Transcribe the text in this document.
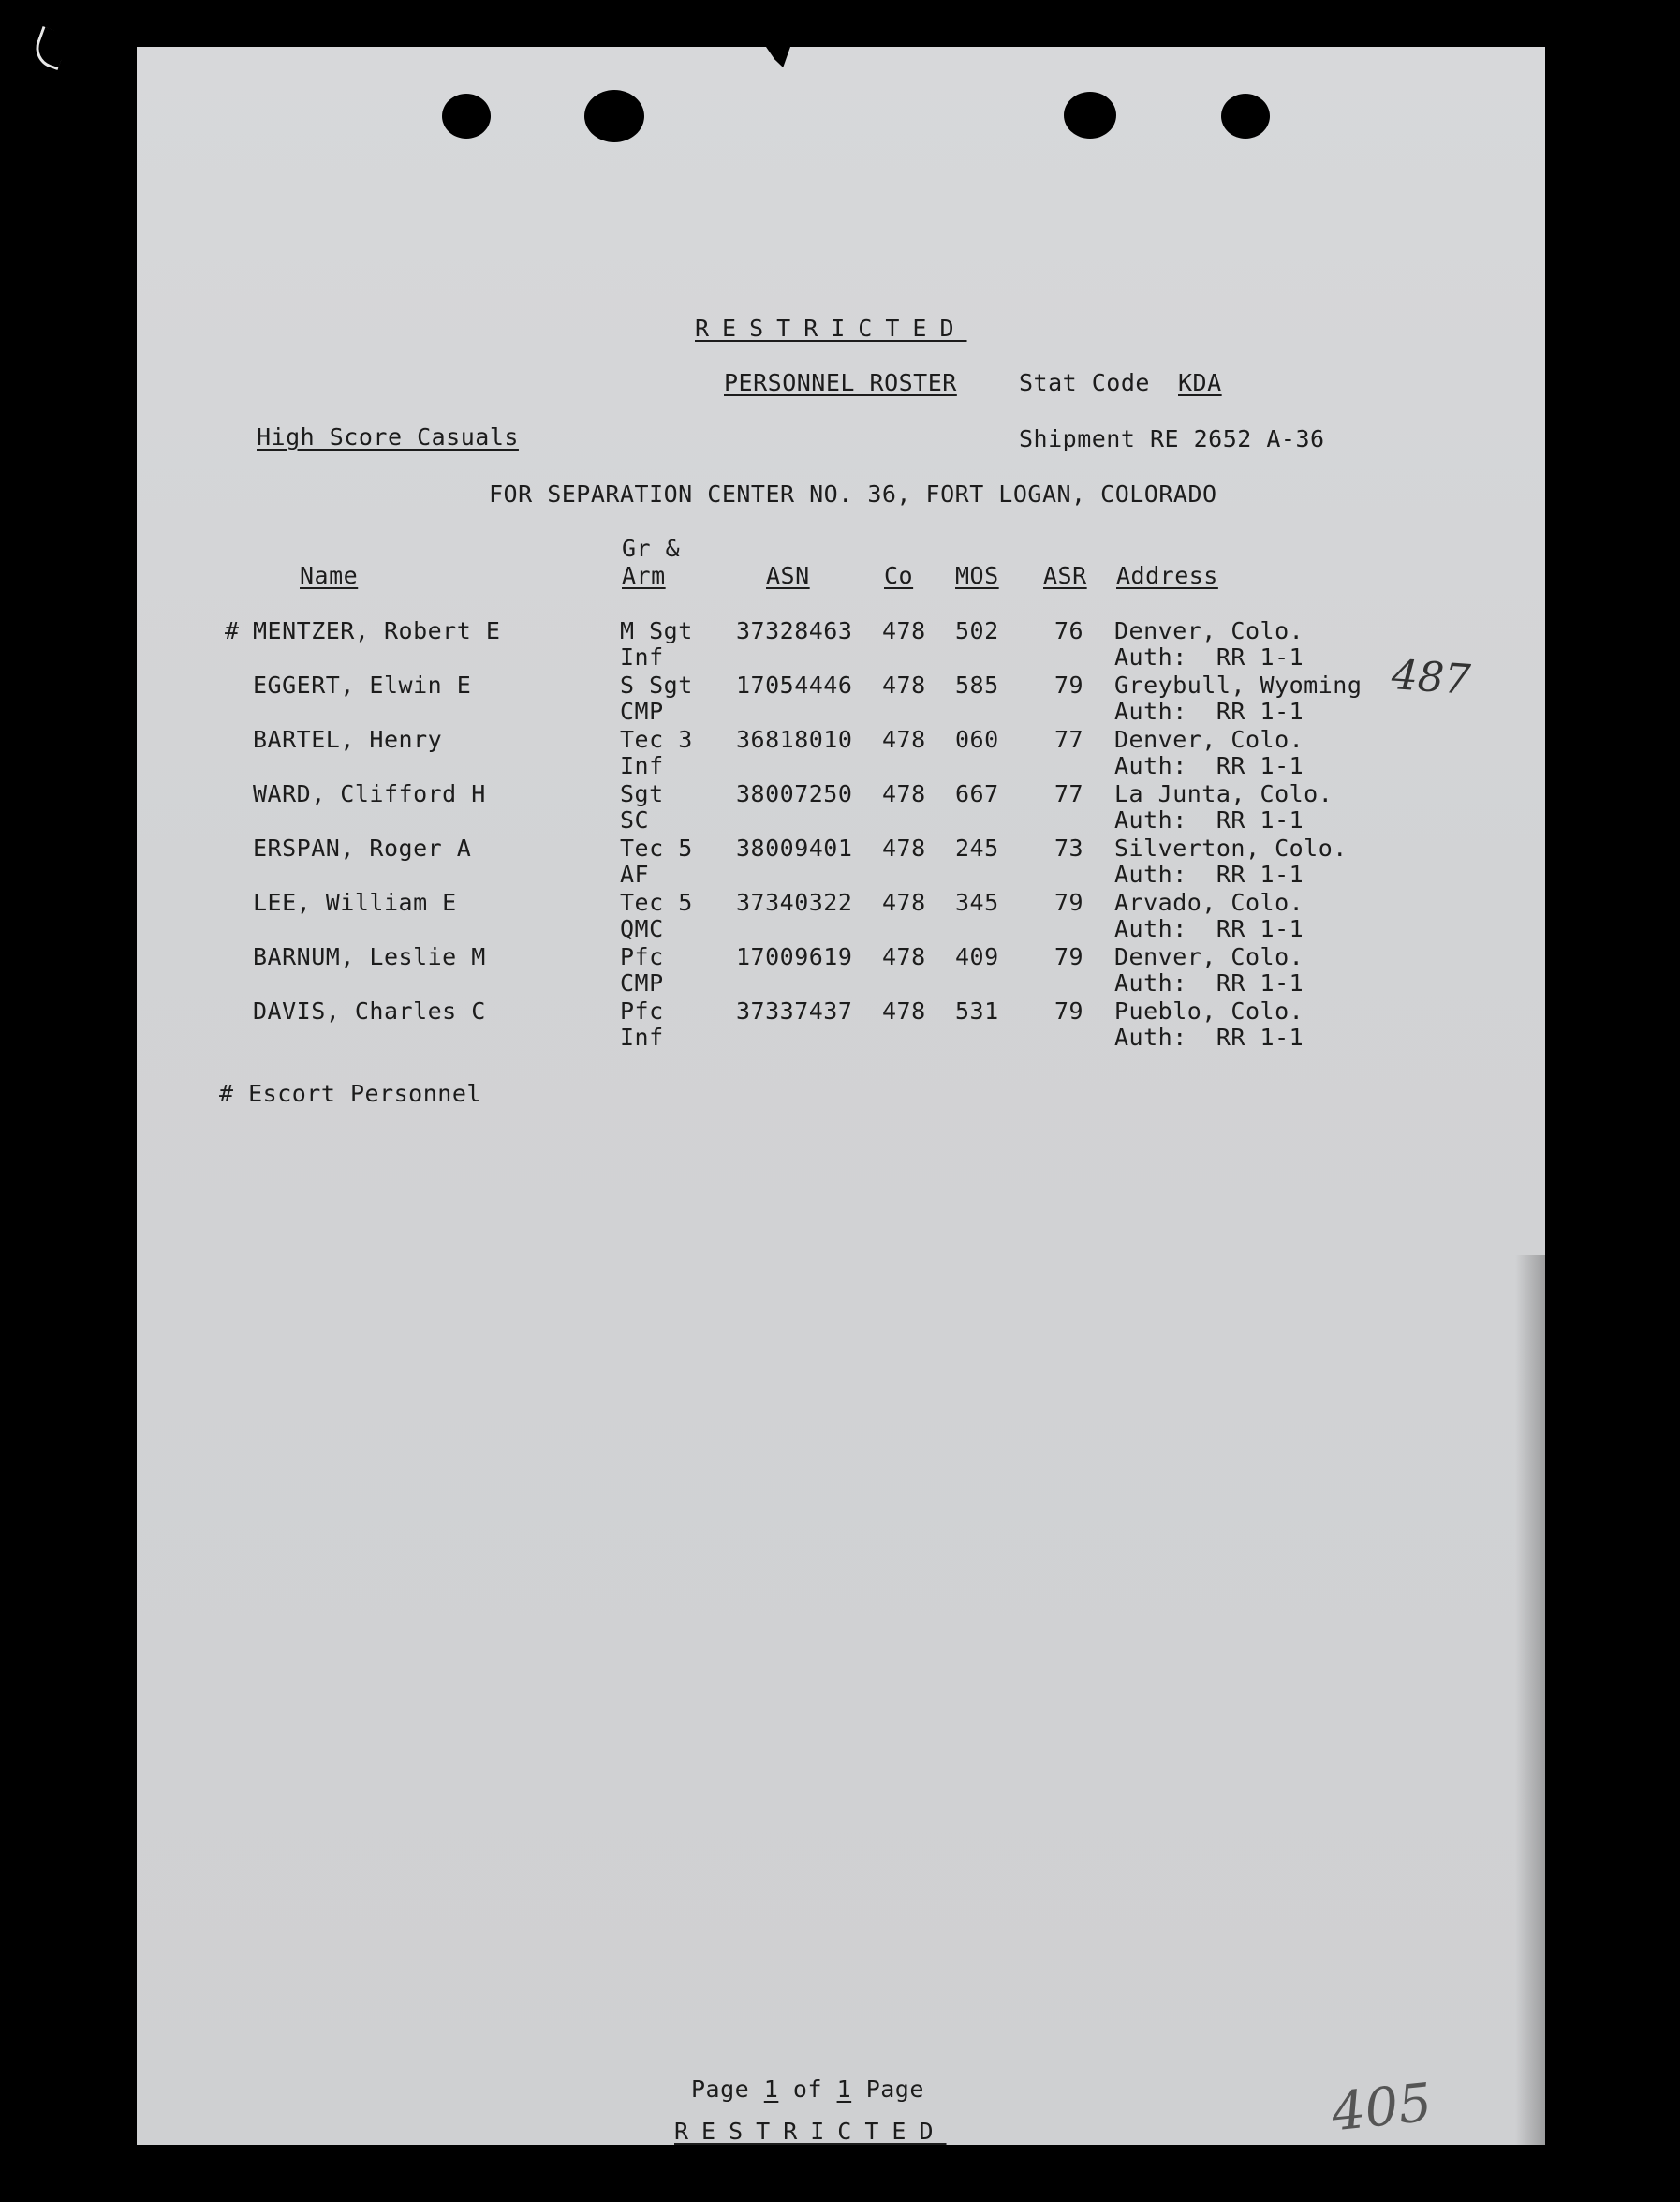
RESTRICTED
PERSONNEL ROSTER	Stat Code KDA
High Score Casuals	Shipment RE 2652 A-36
FOR SEPARATION CENTER NO. 36, FORT LOGAN, COLORADO
Gr &
Name	Arm	ASN	Co MOS ASR Address
# MENTZER, Robert E	M Sgt 37328463 478 502 76 Denver, Colo.
Inf	Auth:  RR 1-1
EGGERT, Elwin E	S Sgt 17054446 478 585 79 Greybull, Wyoming
CMP	Auth:  RR 1-1
BARTEL, Henry	Tec 3 36818010 478 060 77 Denver, Colo.
Inf	Auth:  RR 1-1
WARD, Clifford H	Sgt	38007250 478 667 77 La Junta, Colo.
SC	Auth:  RR 1-1
ERSPAN, Roger A	Tec 5 38009401 478 245 73 Silverton, Colo.
AF	Auth:  RR 1-1
LEE, William E	Tec 5 37340322 478 345 79 Arvado, Colo.
QMC	Auth:  RR 1-1
BARNUM, Leslie M	Pfc	17009619 478 409 79 Denver, Colo.
CMP	Auth:  RR 1-1
DAVIS, Charles C	Pfc	37337437 478 531 79 Pueblo, Colo.
Inf	Auth:  RR 1-1
# Escort Personnel
Page 1 of 1 Page
RESTRICTED
487
405
